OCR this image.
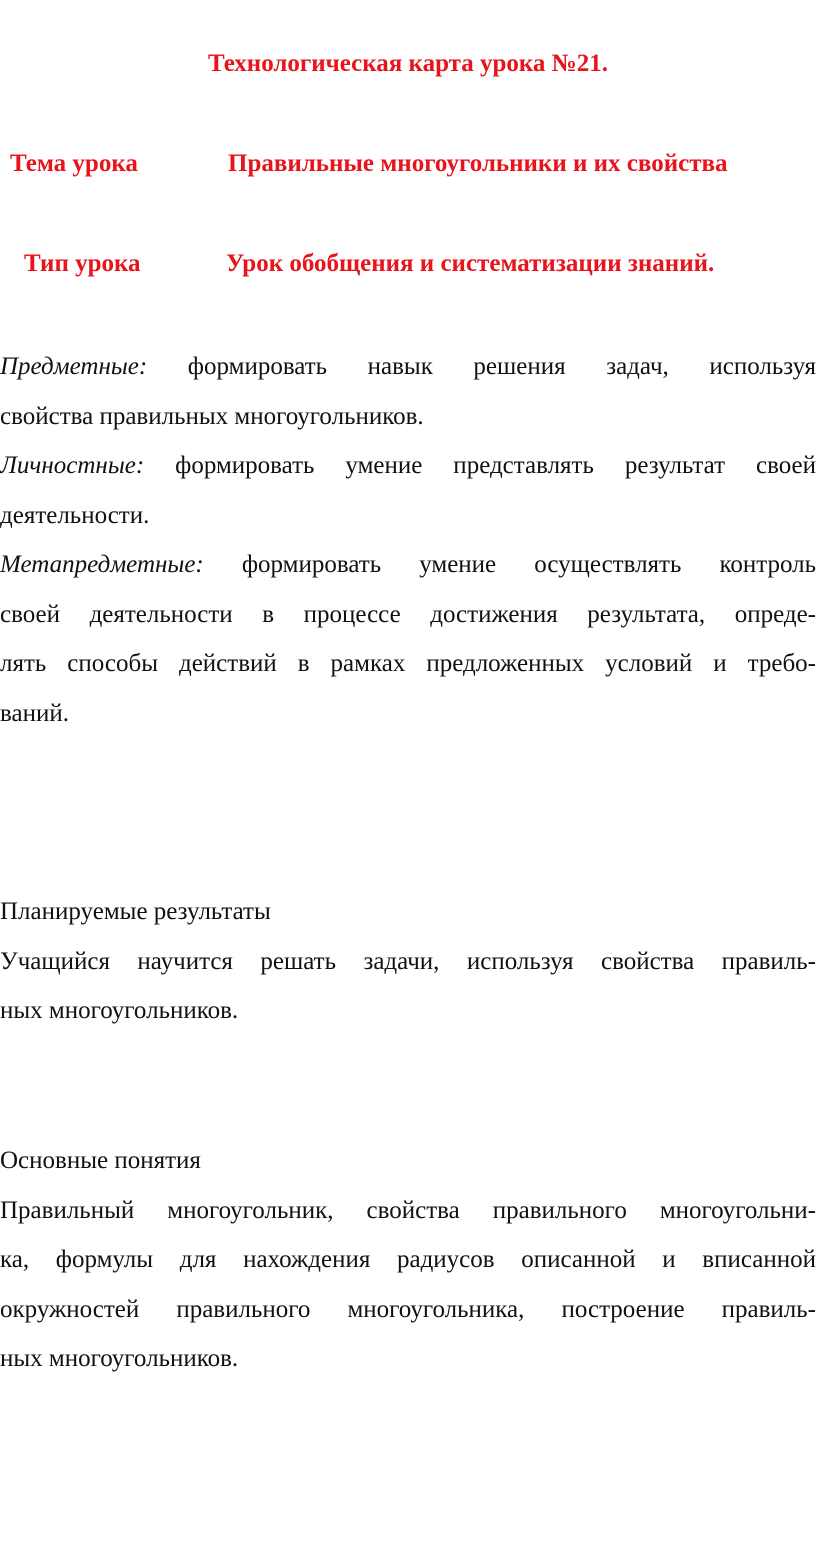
Технологическая карта урока №21.
Тема урока	Правильные многоугольники и их свойства
Тип урока	Урок обобщения и систематизации знаний.
Предметные: формировать навык решения задач, используя
свойства правильных многоугольников.
Личностные: формировать умение представлять результат своей
деятельности.
Метапредметные: формировать умение осуществлять контроль
своей деятельности в процессе достижения результата, опреде-
лять способы действий в рамках предложенных условий и требо-
ваний.
Планируемые результаты
Учащийся научится решать задачи, используя свойства правиль-
ных многоугольников.
Основные понятия
Правильный многоугольник, свойства правильного многоугольни-
ка, формулы для нахождения радиусов описанной и вписанной
окружностей правильного многоугольника, построение правиль-
ных многоугольников.
